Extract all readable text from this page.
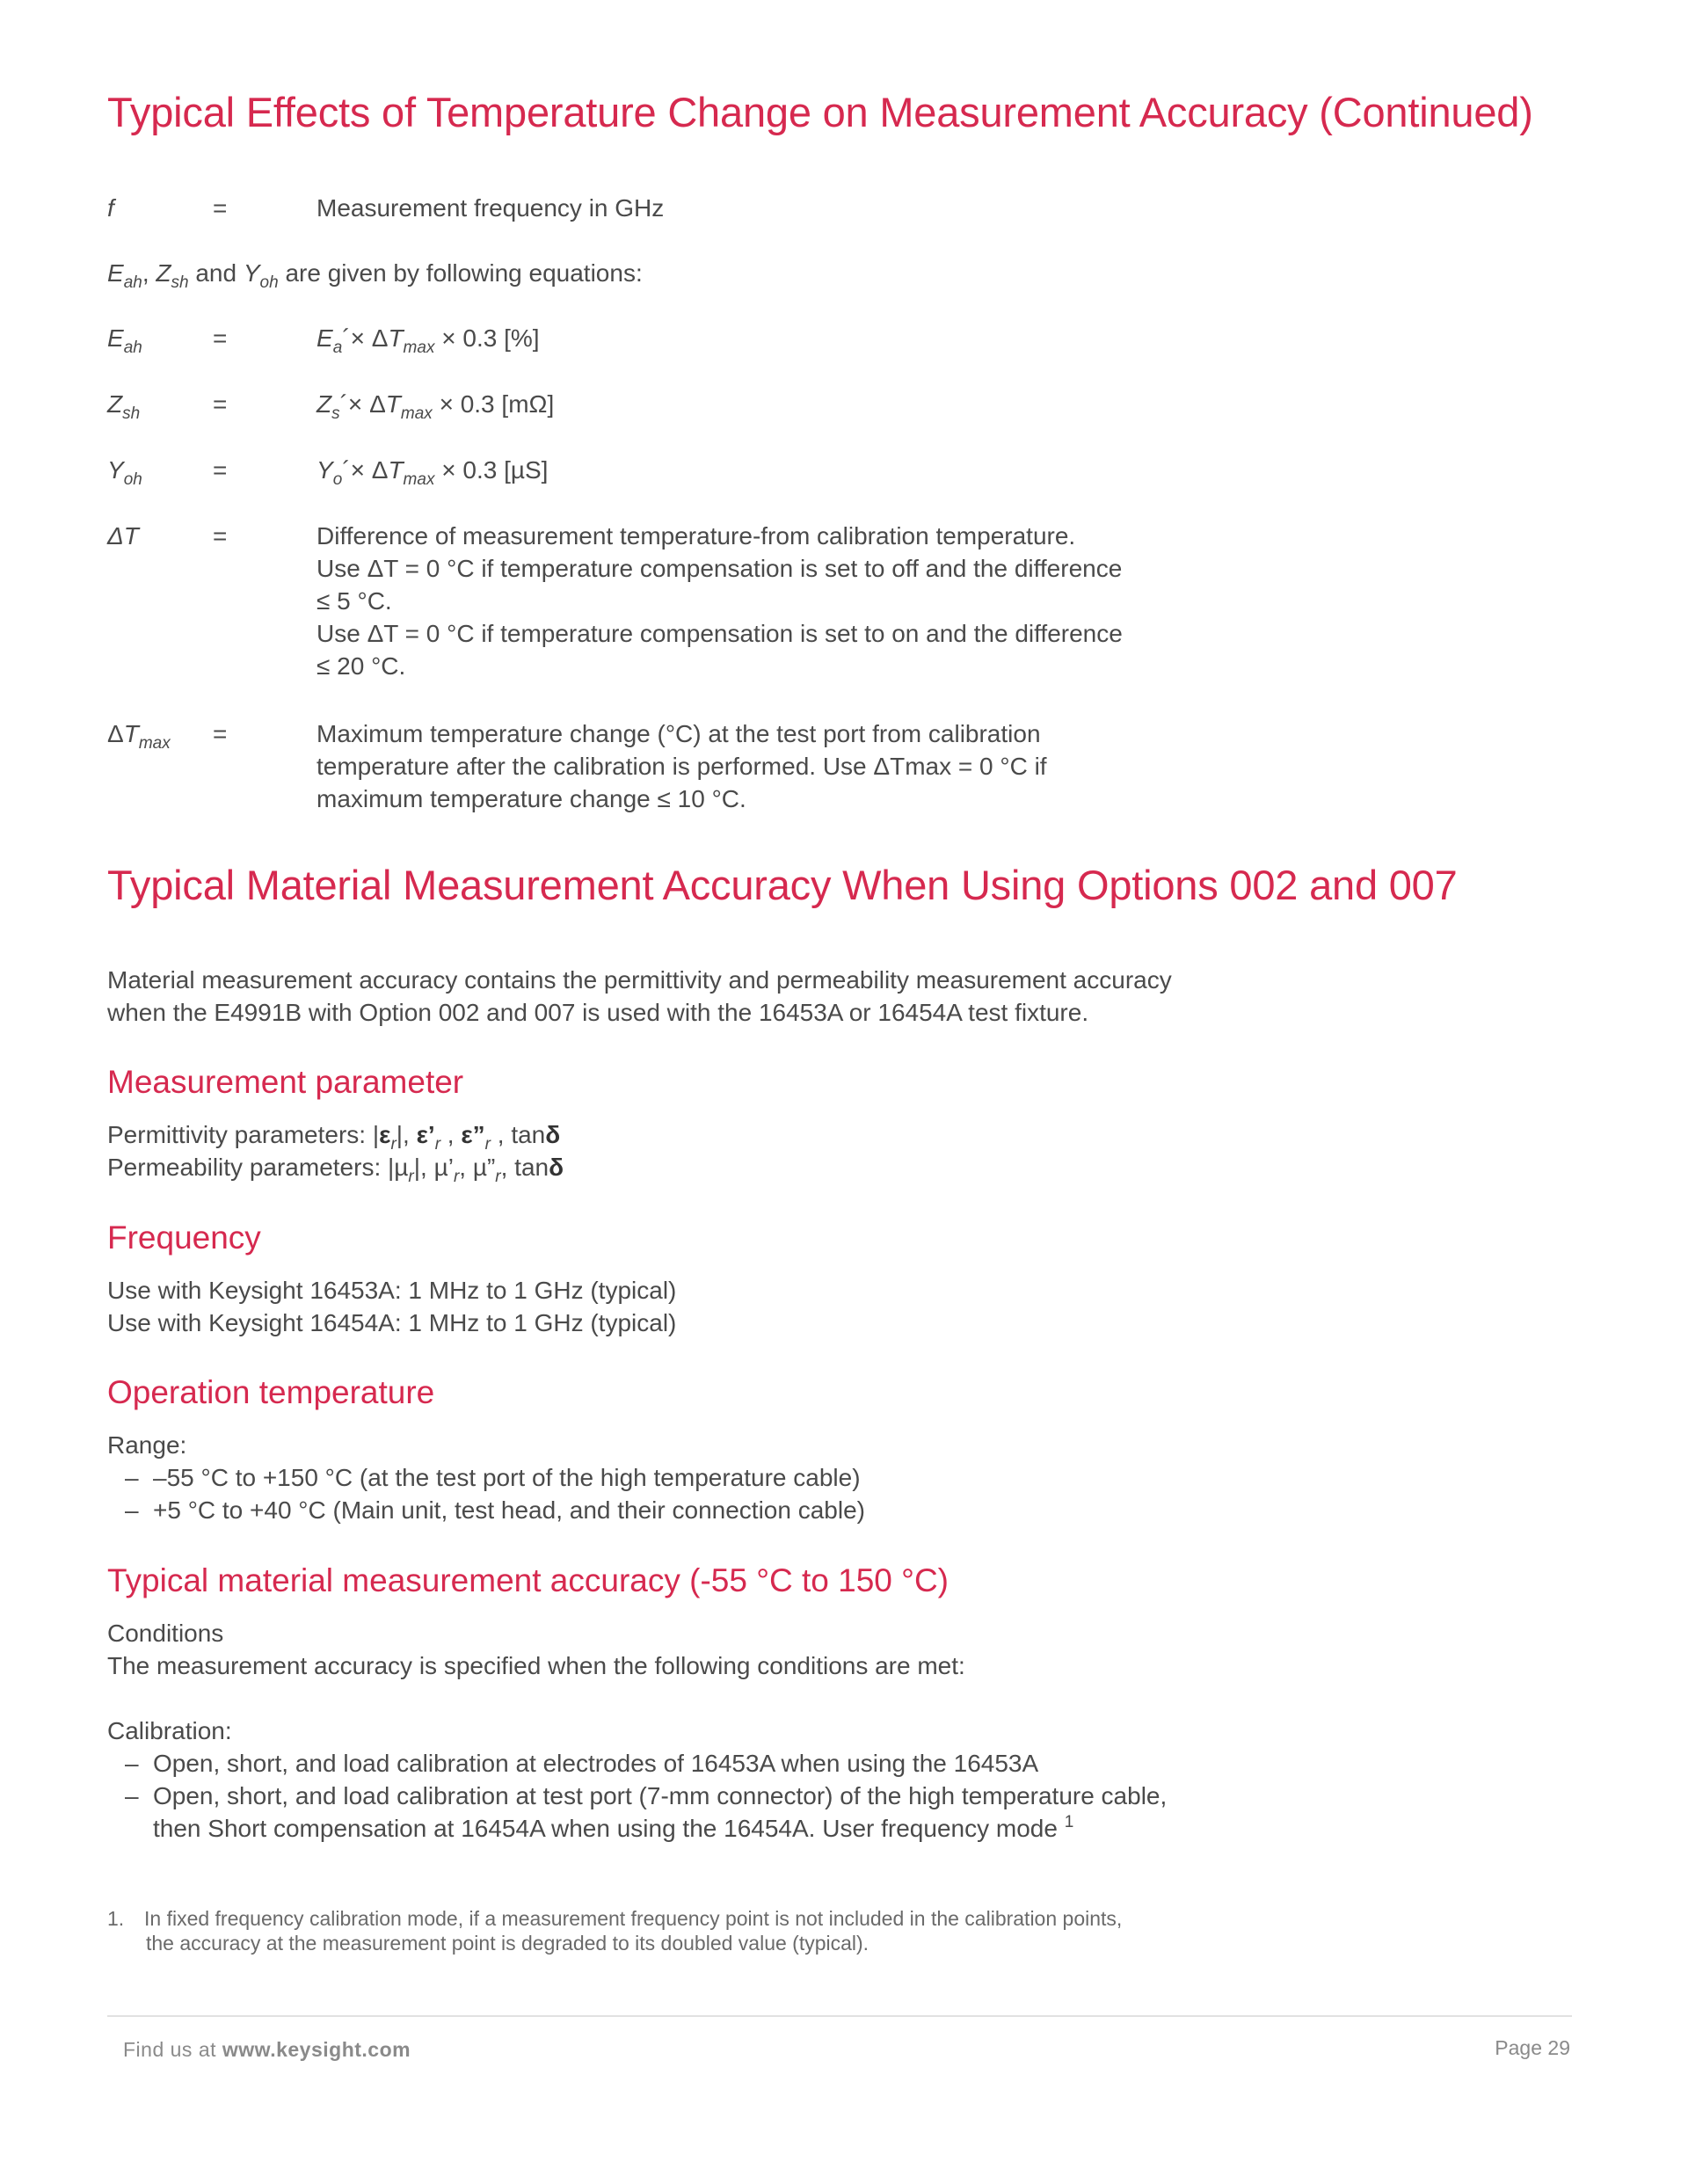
Typical Effects of Temperature Change on Measurement Accuracy (Continued)
f	=	Measurement frequency in GHz

$E_{ah}$, $Z_{sh}$ and $Y_{oh}$ are given by following equations:

$E_{ah}$	=	$E_a´\times \Delta T_{max} \times 0.3$ [%]
$Z_{sh}$	=	$Z_s´\times \Delta T_{max} \times 0.3$ [mΩ]
$Y_{oh}$	=	$Y_o´\times \Delta T_{max} \times 0.3$ [µS]
ΔT	=	Difference of measurement temperature-from calibration temperature.
Use ΔT = 0 °C if temperature compensation is set to off and the difference
≤ 5 °C.
Use ΔT = 0 °C if temperature compensation is set to on and the difference
≤ 20 °C.
$\Delta T_{max}$ =	Maximum temperature change (°C) at the test port from calibration
temperature after the calibration is performed. Use ΔTmax = 0 °C if
maximum temperature change ≤ 10 °C.
Typical Material Measurement Accuracy When Using Options 002 and 007

Material measurement accuracy contains the permittivity and permeability measurement accuracy

when the E4991B with Option 002 and 007 is used with the 16453A or 16454A test fixture.

Measurement parameter

Permittivity parameters: $|\varepsilon_r|$, $\varepsilon’_r$ , $\varepsilon”_r$ , tanδ

Permeability parameters: |µ$_r$|, $\mu’_r$, $\mu”_r$, tanδ

Frequency

Use with Keysight 16453A: 1 MHz to 1 GHz (typical)

Use with Keysight 16454A: 1 MHz to 1 GHz (typical)

Operation temperature

Range:

– –55 °C to +150 °C (at the test port of the high temperature cable)
– +5 °C to +40 °C (Main unit, test head, and their connection cable)
Typical material measurement accuracy (-55 °C to 150 °C)

Conditions

The measurement accuracy is specified when the following conditions are met:

Calibration:

– Open, short, and load calibration at electrodes of 16453A when using the 16453A
– Open, short, and load calibration at test port (7-mm connector) of the high temperature cable,
then Short compensation at 16454A when using the 16454A. User frequency mode $^1$
1. In fixed frequency calibration mode, if a measurement frequency point is not included in the calibration points,
the accuracy at the measurement point is degraded to its doubled value (typical).
Find us at www.keysight.com	Page 29
